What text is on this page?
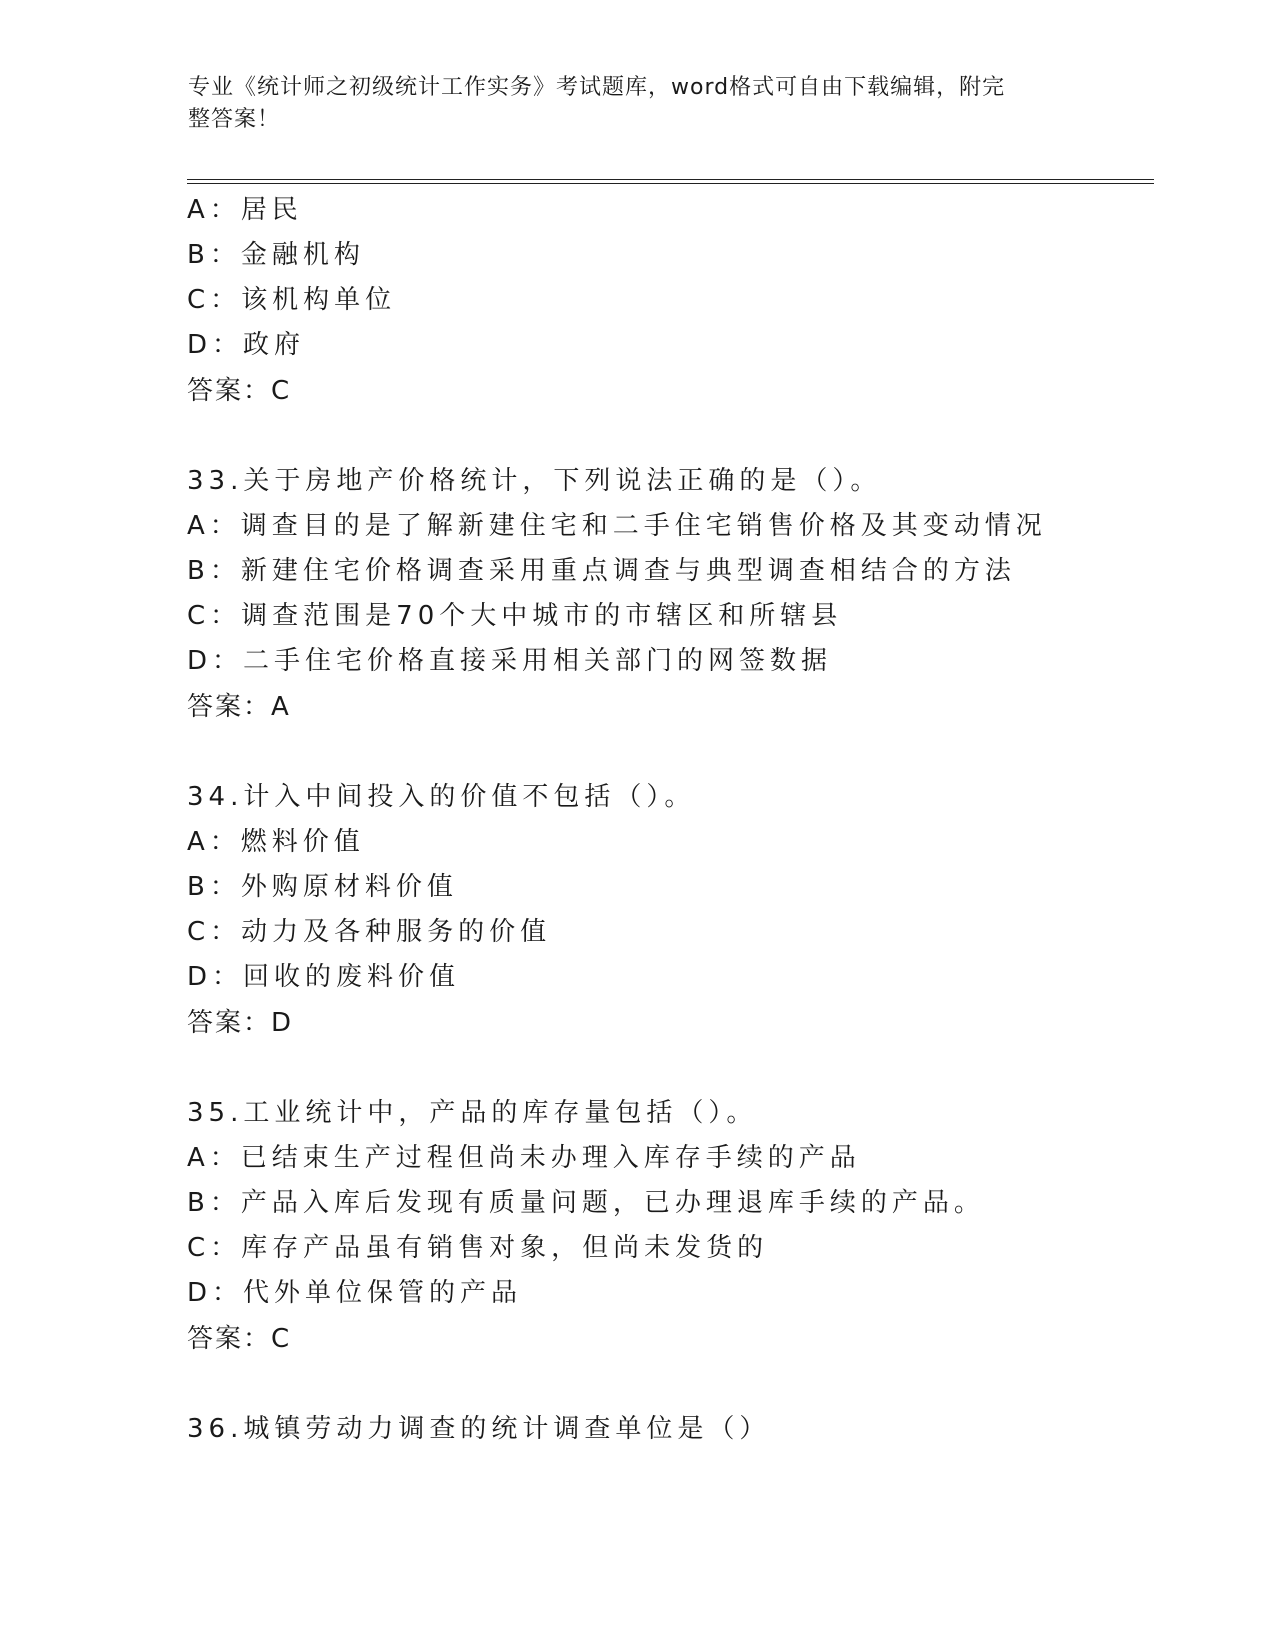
专业《统计师之初级统计工作实务》考试题库，word格式可自由下载编辑，附完
整答案！
A：居民
B：金融机构
C：该机构单位
D：政府
答案：C
33.关于房地产价格统计，下列说法正确的是（）。
A：调查目的是了解新建住宅和二手住宅销售价格及其变动情况
B：新建住宅价格调查采用重点调查与典型调查相结合的方法
C：调查范围是70个大中城市的市辖区和所辖县
D：二手住宅价格直接采用相关部门的网签数据
答案：A
34.计入中间投入的价值不包括（）。
A：燃料价值
B：外购原材料价值
C：动力及各种服务的价值
D：回收的废料价值
答案：D
35.工业统计中，产品的库存量包括（）。
A：已结束生产过程但尚未办理入库存手续的产品
B：产品入库后发现有质量问题，已办理退库手续的产品。
C：库存产品虽有销售对象，但尚未发货的
D：代外单位保管的产品
答案：C
36.城镇劳动力调查的统计调查单位是（）
